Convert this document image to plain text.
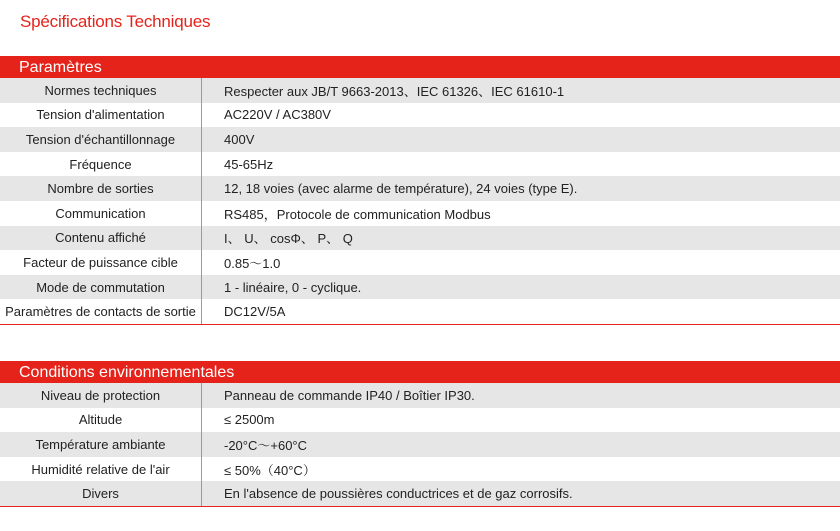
Spécifications Techniques
Paramètres
Normes techniques	Respecter aux JB/T 9663-2013、IEC 61326、IEC 61610-1
Tension d'alimentation	AC220V / AC380V
Tension d'échantillonnage	400V
Fréquence	45-65Hz
Nombre de sorties	12, 18 voies (avec alarme de température), 24 voies (type E).
Communication	RS485，Protocole de communication Modbus
Contenu affiché	I、 U、 cosΦ、 P、 Q
Facteur de puissance cible	0.85～1.0
Mode de commutation	1 - linéaire, 0 - cyclique.
Paramètres de contacts de sortie	DC12V/5A
Conditions environnementales
Niveau de protection	Panneau de commande IP40 / Boîtier IP30.
Altitude	≤ 2500m
Température ambiante	-20°C～+60°C
Humidité relative de l'air	≤ 50%（40°C）
Divers	En l'absence de poussières conductrices et de gaz corrosifs.
